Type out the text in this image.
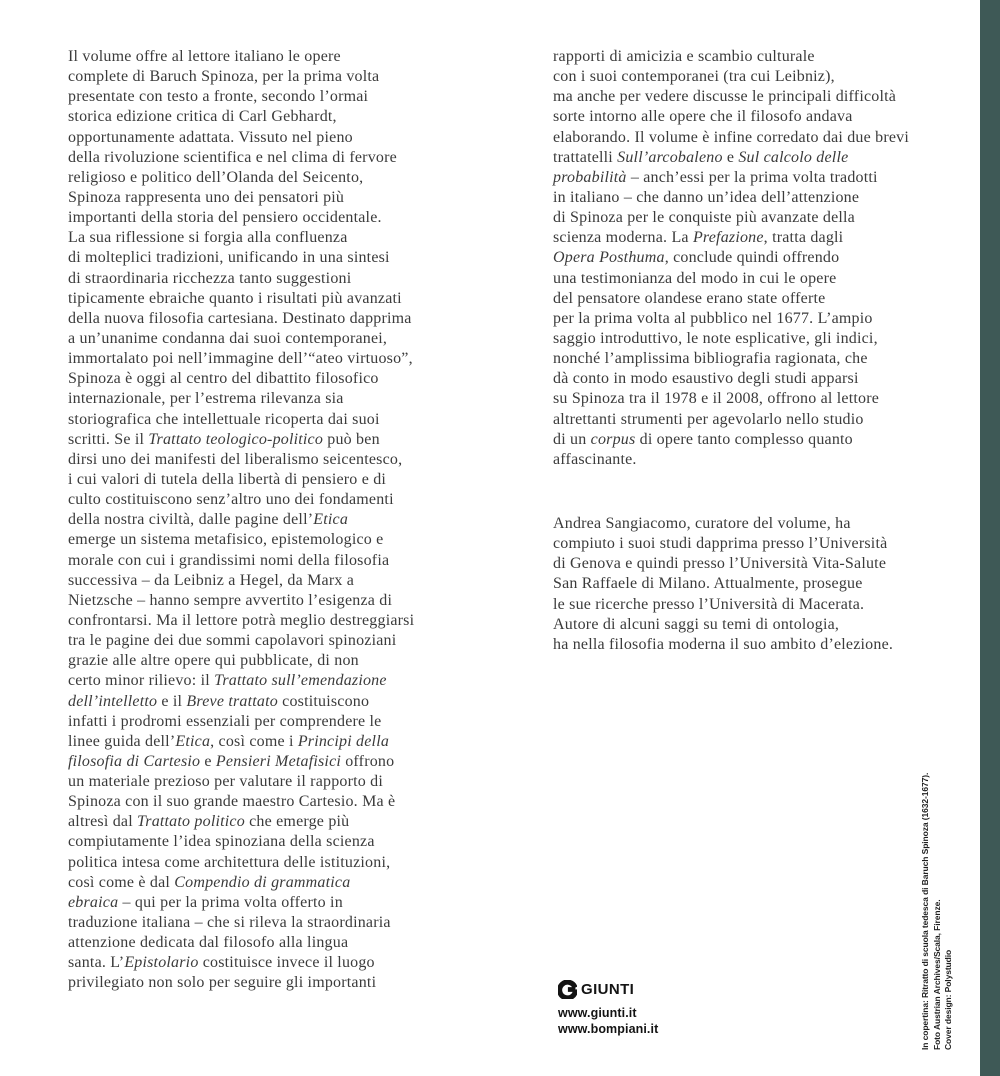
Il volume offre al lettore italiano le opere
complete di Baruch Spinoza, per la prima volta
presentate con testo a fronte, secondo l’ormai
storica edizione critica di Carl Gebhardt,
opportunamente adattata. Vissuto nel pieno
della rivoluzione scientifica e nel clima di fervore
religioso e politico dell’Olanda del Seicento,
Spinoza rappresenta uno dei pensatori più
importanti della storia del pensiero occidentale.
La sua riflessione si forgia alla confluenza
di molteplici tradizioni, unificando in una sintesi
di straordinaria ricchezza tanto suggestioni
tipicamente ebraiche quanto i risultati più avanzati
della nuova filosofia cartesiana. Destinato dapprima
a un’unanime condanna dai suoi contemporanei,
immortalato poi nell’immagine dell’“ateo virtuoso”,
Spinoza è oggi al centro del dibattito filosofico
internazionale, per l’estrema rilevanza sia
storiografica che intellettuale ricoperta dai suoi
scritti. Se il Trattato teologico-politico può ben
dirsi uno dei manifesti del liberalismo seicentesco,
i cui valori di tutela della libertà di pensiero e di
culto costituiscono senz’altro uno dei fondamenti
della nostra civiltà, dalle pagine dell’Etica
emerge un sistema metafisico, epistemologico e
morale con cui i grandissimi nomi della filosofia
successiva – da Leibniz a Hegel, da Marx a
Nietzsche – hanno sempre avvertito l’esigenza di
confrontarsi. Ma il lettore potrà meglio destreggiarsi
tra le pagine dei due sommi capolavori spinoziani
grazie alle altre opere qui pubblicate, di non
certo minor rilievo: il Trattato sull’emendazione
dell’intelletto e il Breve trattato costituiscono
infatti i prodromi essenziali per comprendere le
linee guida dell’Etica, così come i Principi della
filosofia di Cartesio e Pensieri Metafisici offrono
un materiale prezioso per valutare il rapporto di
Spinoza con il suo grande maestro Cartesio. Ma è
altresì dal Trattato politico che emerge più
compiutamente l’idea spinoziana della scienza
politica intesa come architettura delle istituzioni,
così come è dal Compendio di grammatica
ebraica – qui per la prima volta offerto in
traduzione italiana – che si rileva la straordinaria
attenzione dedicata dal filosofo alla lingua
santa. L’Epistolario costituisce invece il luogo
privilegiato non solo per seguire gli importanti
rapporti di amicizia e scambio culturale
con i suoi contemporanei (tra cui Leibniz),
ma anche per vedere discusse le principali difficoltà
sorte intorno alle opere che il filosofo andava
elaborando. Il volume è infine corredato dai due brevi
trattatelli Sull’arcobaleno e Sul calcolo delle
probabilità – anch’essi per la prima volta tradotti
in italiano – che danno un’idea dell’attenzione
di Spinoza per le conquiste più avanzate della
scienza moderna. La Prefazione, tratta dagli
Opera Posthuma, conclude quindi offrendo
una testimonianza del modo in cui le opere
del pensatore olandese erano state offerte
per la prima volta al pubblico nel 1677. L’ampio
saggio introduttivo, le note esplicative, gli indici,
nonché l’amplissima bibliografia ragionata, che
dà conto in modo esaustivo degli studi apparsi
su Spinoza tra il 1978 e il 2008, offrono al lettore
altrettanti strumenti per agevolarlo nello studio
di un corpus di opere tanto complesso quanto
affascinante.
Andrea Sangiacomo, curatore del volume, ha
compiuto i suoi studi dapprima presso l’Università
di Genova e quindi presso l’Università Vita-Salute
San Raffaele di Milano. Attualmente, prosegue
le sue ricerche presso l’Università di Macerata.
Autore di alcuni saggi su temi di ontologia,
ha nella filosofia moderna il suo ambito d’elezione.
In copertina: Ritratto di scuola tedesca di Baruch Spinoza (1632-1677). Foto Austrian Archives/Scala, Firenze. Cover design: Polystudio
GIUNTI
www.giunti.it
www.bompiani.it
